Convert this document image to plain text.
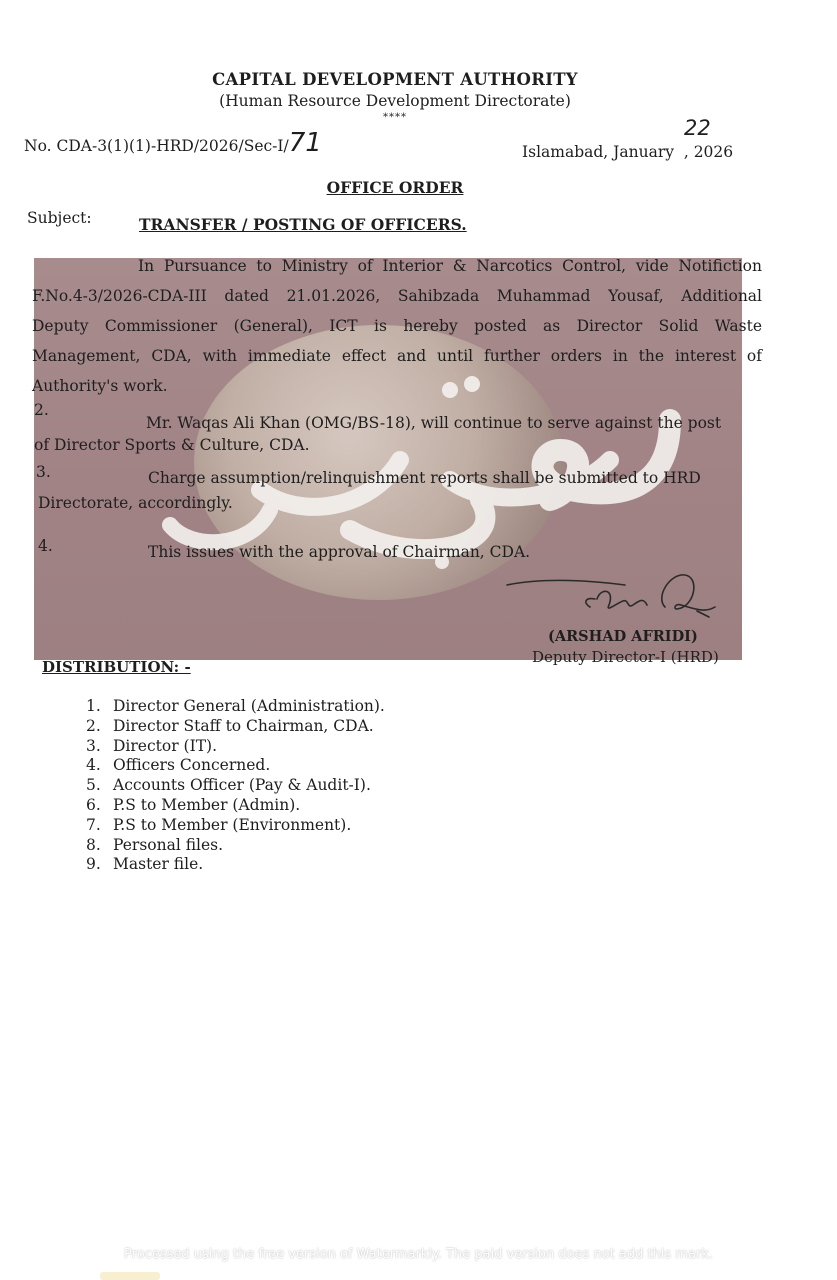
CAPITAL DEVELOPMENT AUTHORITY
(Human Resource Development Directorate)
****
No. CDA-3(1)(1)-HRD/2026/Sec-I/71	22
Islamabad, January , 2026
OFFICE ORDER
Subject:	TRANSFER / POSTING OF OFFICERS.

In Pursuance to Ministry of Interior & Narcotics Control, vide Notifiction

F.No.4-3/2026-CDA-III dated 21.01.2026, Sahibzada Muhammad Yousaf, Additional

Deputy Commissioner (General), ICT is hereby posted as Director Solid Waste

Management, CDA, with immediate effect and until further orders in the interest of

Authority's work.

2.
Mr. Waqas Ali Khan (OMG/BS-18), will continue to serve against the post
of Director Sports & Culture, CDA.
3.	Charge assumption/relinquishment reports shall be submitted to HRD
Directorate, accordingly.
4.	This issues with the approval of Chairman, CDA.
(ARSHAD AFRIDI)
Deputy Director-I (HRD)
DISTRIBUTION: -
1. Director General (Administration).
2. Director Staff to Chairman, CDA.
3. Director (IT).
4. Officers Concerned.
5. Accounts Officer (Pay & Audit-I).
6. P.S to Member (Admin).
7. P.S to Member (Environment).
8. Personal files.
9. Master file.
Processed using the free version of Watermarkly. The paid version does not add this mark.
